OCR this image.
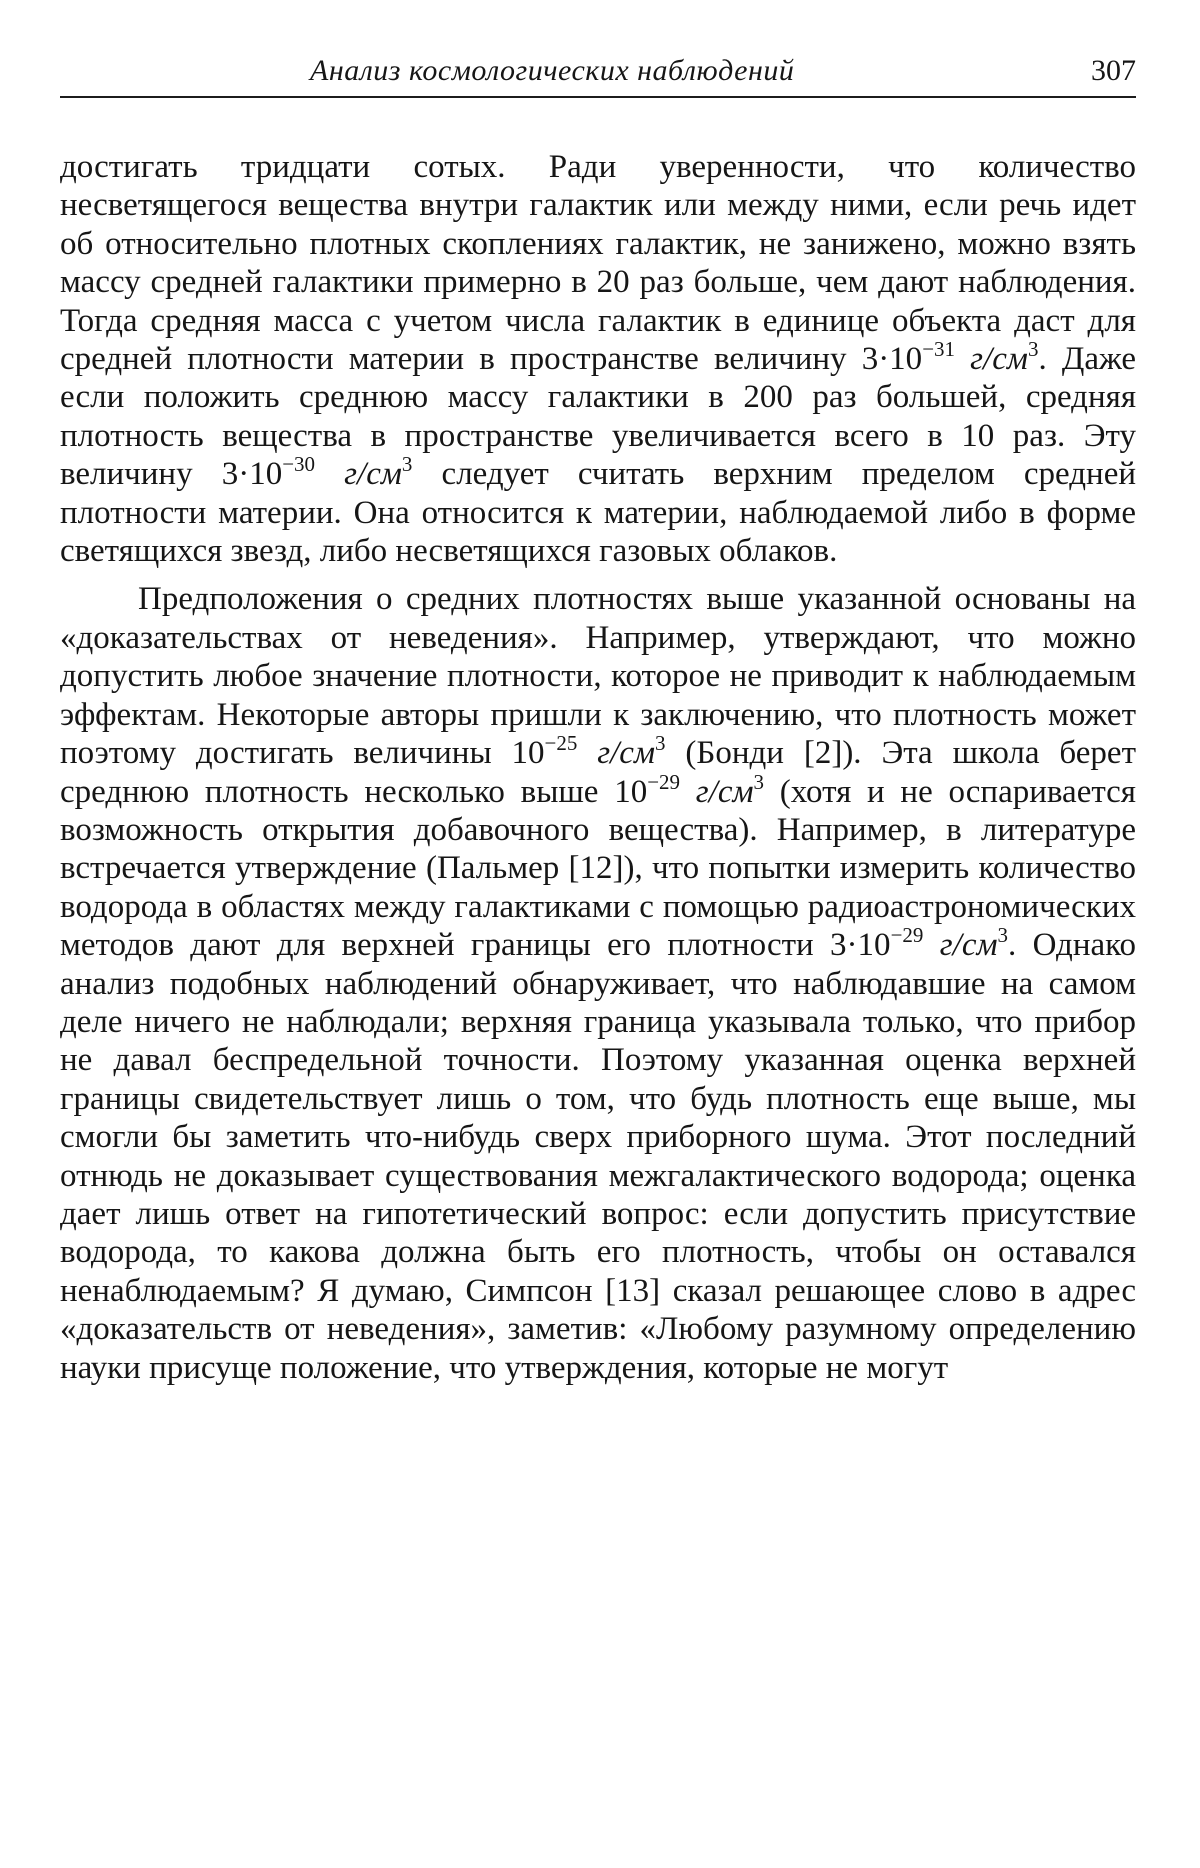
Анализ космологических наблюдений	307

достигать тридцати сотых. Ради уверенности, что количество несветящегося вещества внутри галактик или между ними, если речь идет об относительно плотных скоплениях галактик, не занижено, можно взять массу средней галактики примерно в 20 раз больше, чем дают наблюдения. Тогда средняя масса с учетом числа галактик в единице объекта даст для средней плотности материи в пространстве величину $3\cdot 10^{-31}$ $г/см^3$. Даже если положить среднюю массу галактики в 200 раз большей, средняя плотность вещества в пространстве увеличивается всего в 10 раз. Эту величину $3\cdot 10^{-30}$ $г/см^3$ следует считать верхним пределом средней плотности материи. Она относится к материи, наблюдаемой либо в форме светящихся звезд, либо несветящихся газовых облаков.

Предположения о средних плотностях выше указанной основаны на «доказательствах от неведения». Например, утверждают, что можно допустить любое значение плотности, которое не приводит к наблюдаемым эффектам. Некоторые авторы пришли к заключению, что плотность может поэтому достигать величины $10^{-25}$ $г/см^3$ (Бонди [2]). Эта школа берет среднюю плотность несколько выше $10^{-29}$ $г/см^3$ (хотя и не оспаривается возможность открытия добавочного вещества). Например, в литературе встречается утверждение (Пальмер [12]), что попытки измерить количество водорода в областях между галактиками с помощью радиоастрономических методов дают для верхней границы его плотности $3\cdot 10^{-29}$ $г/см^3$. Однако анализ подобных наблюдений обнаруживает, что наблюдавшие на самом деле ничего не наблюдали; верхняя граница указывала только, что прибор не давал беспредельной точности. Поэтому указанная оценка верхней границы свидетельствует лишь о том, что будь плотность еще выше, мы смогли бы заметить что-нибудь сверх приборного шума. Этот последний отнюдь не доказывает существования межгалактического водорода; оценка дает лишь ответ на гипотетический вопрос: если допустить присутствие водорода, то какова должна быть его плотность, чтобы он оставался ненаблюдаемым? Я думаю, Симпсон [13] сказал решающее слово в адрес «доказательств от неведения», заметив: «Любому разумному определению науки присуще положение, что утверждения, которые не могут
